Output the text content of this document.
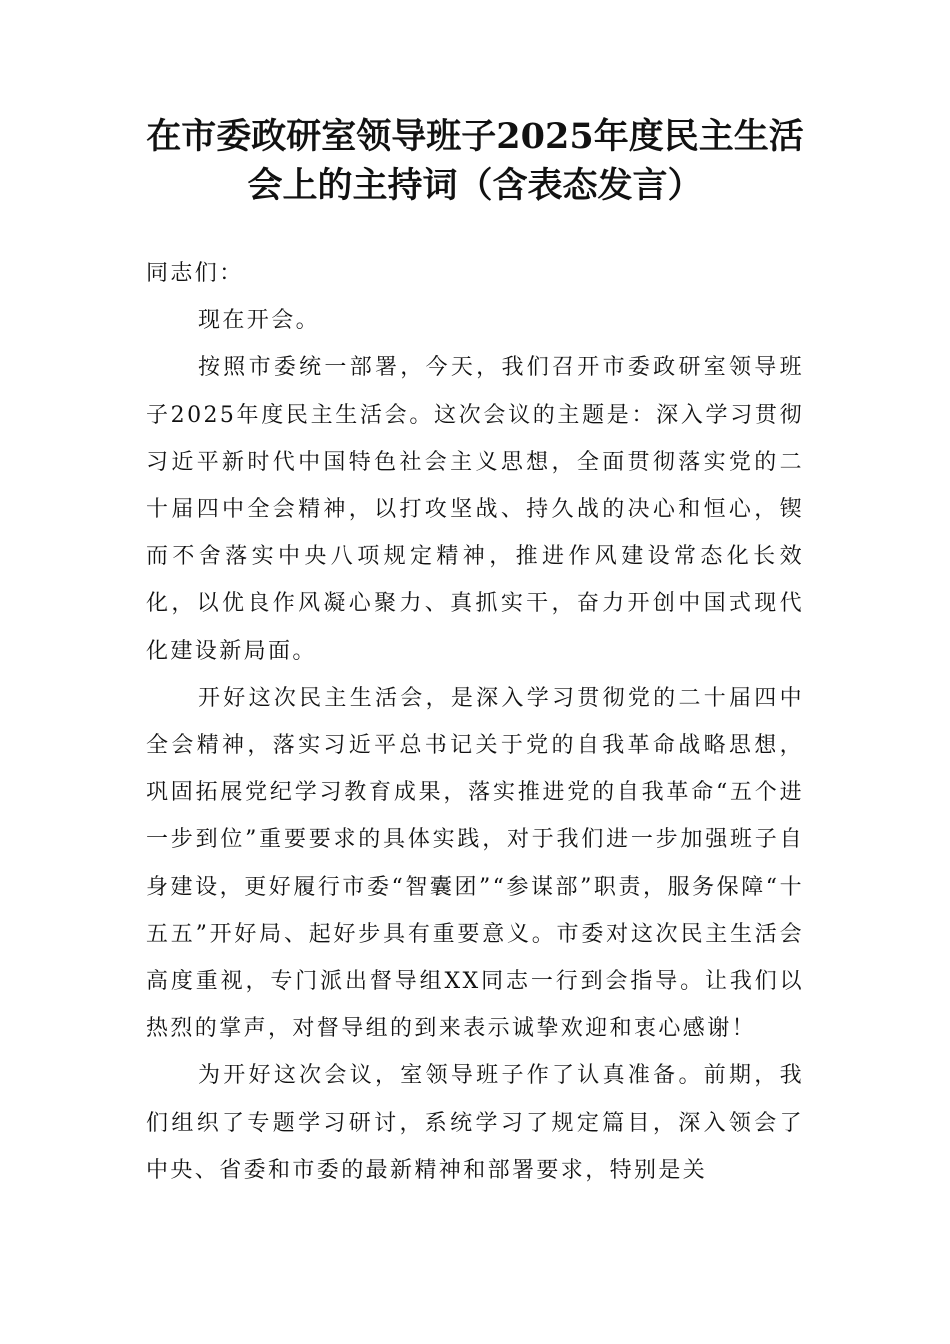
在市委政研室领导班子2025年度民主生活
会上的主持词（含表态发言）

同志们：

现在开会。

按照市委统一部署，今天，我们召开市委政研室领导班子2025年度民主生活会。这次会议的主题是：深入学习贯彻习近平新时代中国特色社会主义思想，全面贯彻落实党的二十届四中全会精神，以打攻坚战、持久战的决心和恒心，锲而不舍落实中央八项规定精神，推进作风建设常态化长效化，以优良作风凝心聚力、真抓实干，奋力开创中国式现代化建设新局面。

开好这次民主生活会，是深入学习贯彻党的二十届四中全会精神，落实习近平总书记关于党的自我革命战略思想，巩固拓展党纪学习教育成果，落实推进党的自我革命“五个进一步到位”重要要求的具体实践，对于我们进一步加强班子自身建设，更好履行市委“智囊团”“参谋部”职责，服务保障“十五五”开好局、起好步具有重要意义。市委对这次民主生活会高度重视，专门派出督导组XX同志一行到会指导。让我们以热烈的掌声，对督导组的到来表示诚挚欢迎和衷心感谢！

为开好这次会议，室领导班子作了认真准备。前期，我们组织了专题学习研讨，系统学习了规定篇目，深入领会了中央、省委和市委的最新精神和部署要求，特别是关
